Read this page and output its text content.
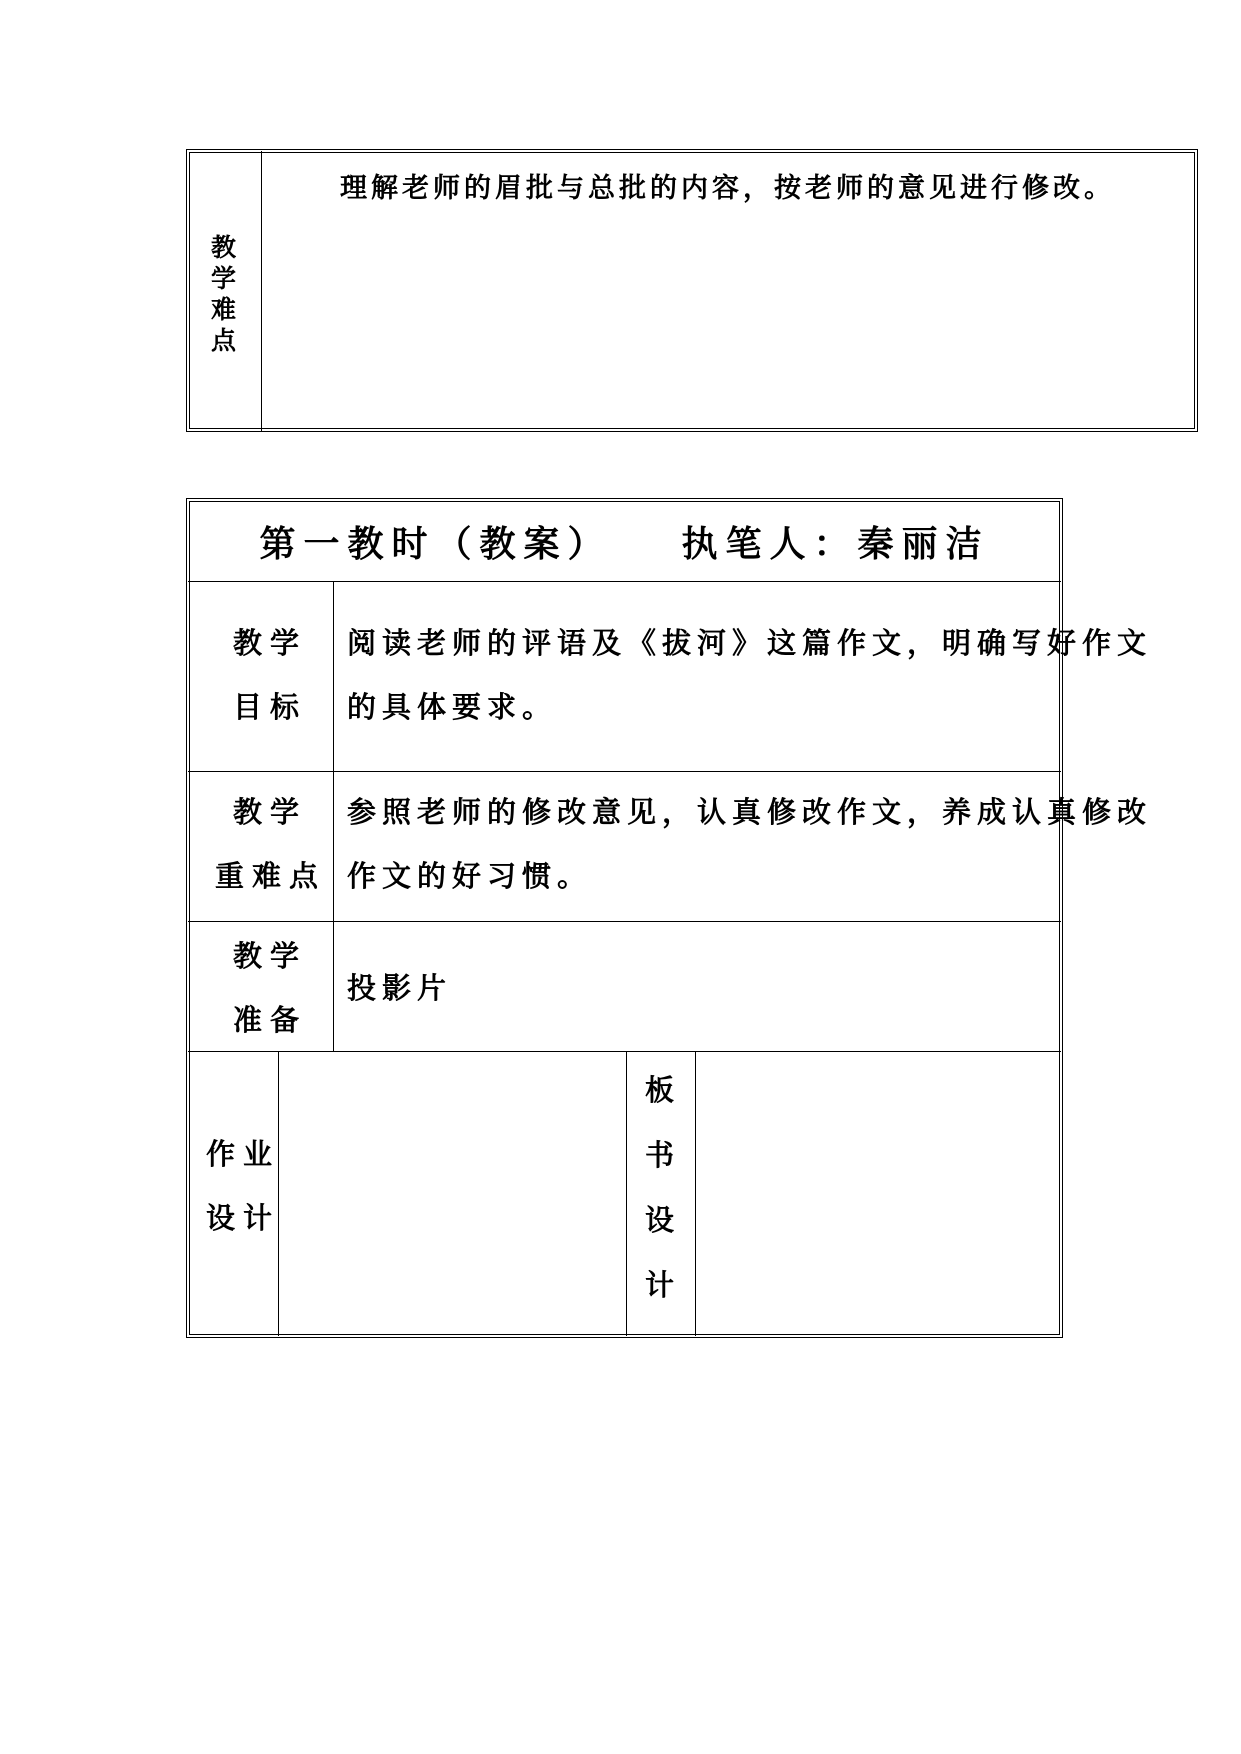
教
学
难
点
理解老师的眉批与总批的内容，按老师的意见进行修改。
第一教时（教案）　　执笔人：秦丽洁
教学
目标
阅读老师的评语及《拔河》这篇作文，明确写好作文
的具体要求。
教学
重难点
参照老师的修改意见，认真修改作文，养成认真修改
作文的好习惯。
教学
准备
投影片
作业
设计
板
书
设
计
